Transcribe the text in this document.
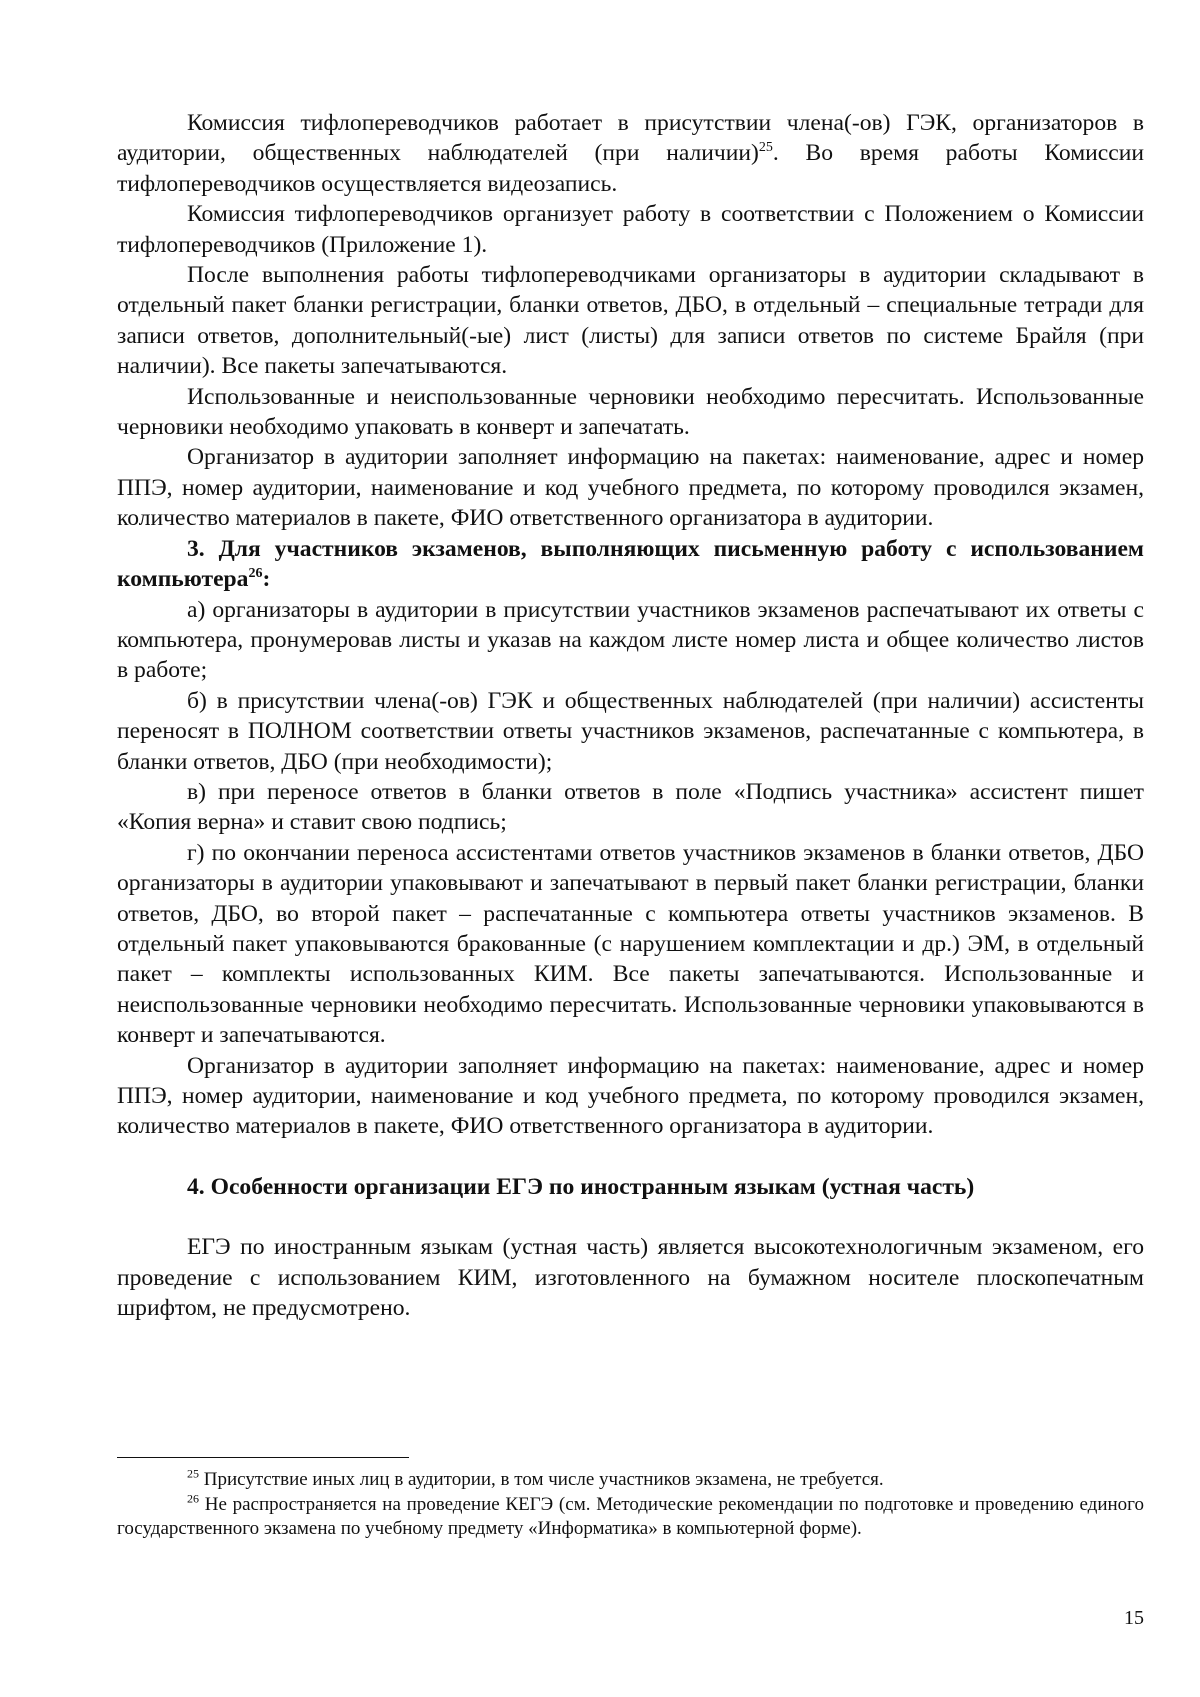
Комиссия тифлопереводчиков работает в присутствии члена(-ов) ГЭК, организаторов в аудитории, общественных наблюдателей (при наличии)$^{25}$. Во время работы Комиссии тифлопереводчиков осуществляется видеозапись.

Комиссия тифлопереводчиков организует работу в соответствии с Положением о Комиссии тифлопереводчиков (Приложение 1).

После выполнения работы тифлопереводчиками организаторы в аудитории складывают в отдельный пакет бланки регистрации, бланки ответов, ДБО, в отдельный – специальные тетради для записи ответов, дополнительный(-ые) лист (листы) для записи ответов по системе Брайля (при наличии). Все пакеты запечатываются.

Использованные и неиспользованные черновики необходимо пересчитать. Использованные черновики необходимо упаковать в конверт и запечатать.

Организатор в аудитории заполняет информацию на пакетах: наименование, адрес и номер ППЭ, номер аудитории, наименование и код учебного предмета, по которому проводился экзамен, количество материалов в пакете, ФИО ответственного организатора в аудитории.

3. Для участников экзаменов, выполняющих письменную работу с использованием компьютера$^{26}$:

а) организаторы в аудитории в присутствии участников экзаменов распечатывают их ответы с компьютера, пронумеровав листы и указав на каждом листе номер листа и общее количество листов в работе;

б) в присутствии члена(-ов) ГЭК и общественных наблюдателей (при наличии) ассистенты переносят в ПОЛНОМ соответствии ответы участников экзаменов, распечатанные с компьютера, в бланки ответов, ДБО (при необходимости);

в) при переносе ответов в бланки ответов в поле «Подпись участника» ассистент пишет «Копия верна» и ставит свою подпись;

г) по окончании переноса ассистентами ответов участников экзаменов в бланки ответов, ДБО организаторы в аудитории упаковывают и запечатывают в первый пакет бланки регистрации, бланки ответов, ДБО, во второй пакет – распечатанные с компьютера ответы участников экзаменов. В отдельный пакет упаковываются бракованные (с нарушением комплектации и др.) ЭМ, в отдельный пакет – комплекты использованных КИМ. Все пакеты запечатываются. Использованные и неиспользованные черновики необходимо пересчитать. Использованные черновики упаковываются в конверт и запечатываются.

Организатор в аудитории заполняет информацию на пакетах: наименование, адрес и номер ППЭ, номер аудитории, наименование и код учебного предмета, по которому проводился экзамен, количество материалов в пакете, ФИО ответственного организатора в аудитории.

4. Особенности организации ЕГЭ по иностранным языкам (устная часть)

ЕГЭ по иностранным языкам (устная часть) является высокотехнологичным экзаменом, его проведение с использованием КИМ, изготовленного на бумажном носителе плоскопечатным шрифтом, не предусмотрено.

$^{25}$ Присутствие иных лиц в аудитории, в том числе участников экзамена, не требуется.

$^{26}$ Не распространяется на проведение КЕГЭ (см. Методические рекомендации по подготовке и проведению единого государственного экзамена по учебному предмету «Информатика» в компьютерной форме).

15
